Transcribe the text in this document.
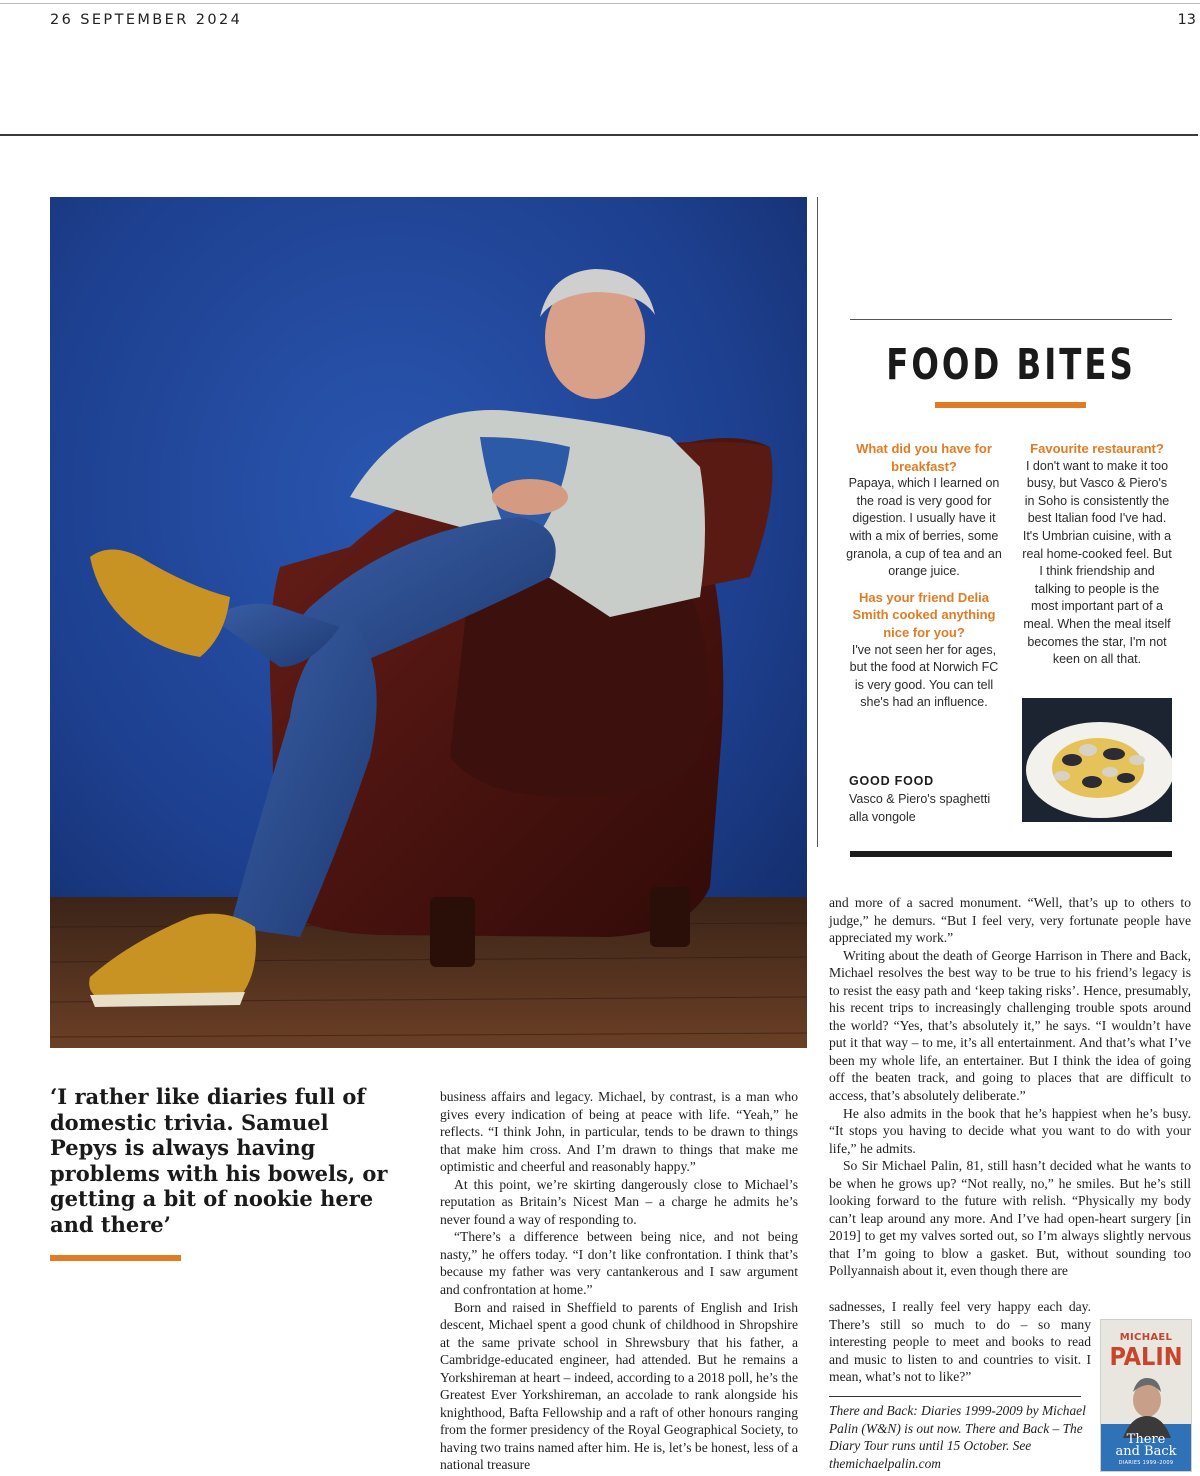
26 SEPTEMBER 2024	13
FOOD BITES
What did you have for breakfast?
Papaya, which I learned on the road is very good for digestion. I usually have it with a mix of berries, some granola, a cup of tea and an orange juice.
Has your friend Delia Smith cooked anything nice for you?
I've not seen her for ages, but the food at Norwich FC is very good. You can tell she's had an influence.
Favourite restaurant?
I don't want to make it too busy, but Vasco & Piero's in Soho is consistently the best Italian food I've had. It's Umbrian cuisine, with a real home-cooked feel. But I think friendship and talking to people is the most important part of a meal. When the meal itself becomes the star, I'm not keen on all that.
GOOD FOOD
Vasco & Piero's spaghetti alla vongole
‘I rather like diaries full of domestic trivia. Samuel Pepys is always having problems with his bowels, or getting a bit of nookie here and there’

business affairs and legacy. Michael, by contrast, is a man who gives every indication of being at peace with life. “Yeah,” he reflects. “I think John, in particular, tends to be drawn to things that make him cross. And I’m drawn to things that make me optimistic and cheerful and reasonably happy.”

At this point, we’re skirting dangerously close to Michael’s reputation as Britain’s Nicest Man – a charge he admits he’s never found a way of responding to.

“There’s a difference between being nice, and not being nasty,” he offers today. “I don’t like confrontation. I think that’s because my father was very cantankerous and I saw argument and confrontation at home.”

Born and raised in Sheffield to parents of English and Irish descent, Michael spent a good chunk of childhood in Shropshire at the same private school in Shrewsbury that his father, a Cambridge-educated engineer, had attended. But he remains a Yorkshireman at heart – indeed, according to a 2018 poll, he’s the Greatest Ever Yorkshireman, an accolade to rank alongside his knighthood, Bafta Fellowship and a raft of other honours ranging from the former presidency of the Royal Geographical Society, to having two trains named after him. He is, let’s be honest, less of a national treasure

and more of a sacred monument. “Well, that’s up to others to judge,” he demurs. “But I feel very, very fortunate people have appreciated my work.”

Writing about the death of George Harrison in There and Back, Michael resolves the best way to be true to his friend’s legacy is to resist the easy path and ‘keep taking risks’. Hence, presumably, his recent trips to increasingly challenging trouble spots around the world? “Yes, that’s absolutely it,” he says. “I wouldn’t have put it that way – to me, it’s all entertainment. And that’s what I’ve been my whole life, an entertainer. But I think the idea of going off the beaten track, and going to places that are difficult to access, that’s absolutely deliberate.”

He also admits in the book that he’s happiest when he’s busy. “It stops you having to decide what you want to do with your life,” he admits.

So Sir Michael Palin, 81, still hasn’t decided what he wants to be when he grows up? “Not really, no,” he smiles. But he’s still looking forward to the future with relish. “Physically my body can’t leap around any more. And I’ve had open-heart surgery [in 2019] to get my valves sorted out, so I’m always slightly nervous that I’m going to blow a gasket. But, without sounding too Pollyannaish about it, even though there are

sadnesses, I really feel very happy each day. There’s still so much to do – so many interesting people to meet and books to read and music to listen to and countries to visit. I mean, what’s not to like?”

There and Back: Diaries 1999-2009 by Michael Palin (W&N) is out now. There and Back – The Diary Tour runs until 15 October. See themichaelpalin.com
MICHAEL
PALIN
There
and Back
DIARIES 1999–2009
